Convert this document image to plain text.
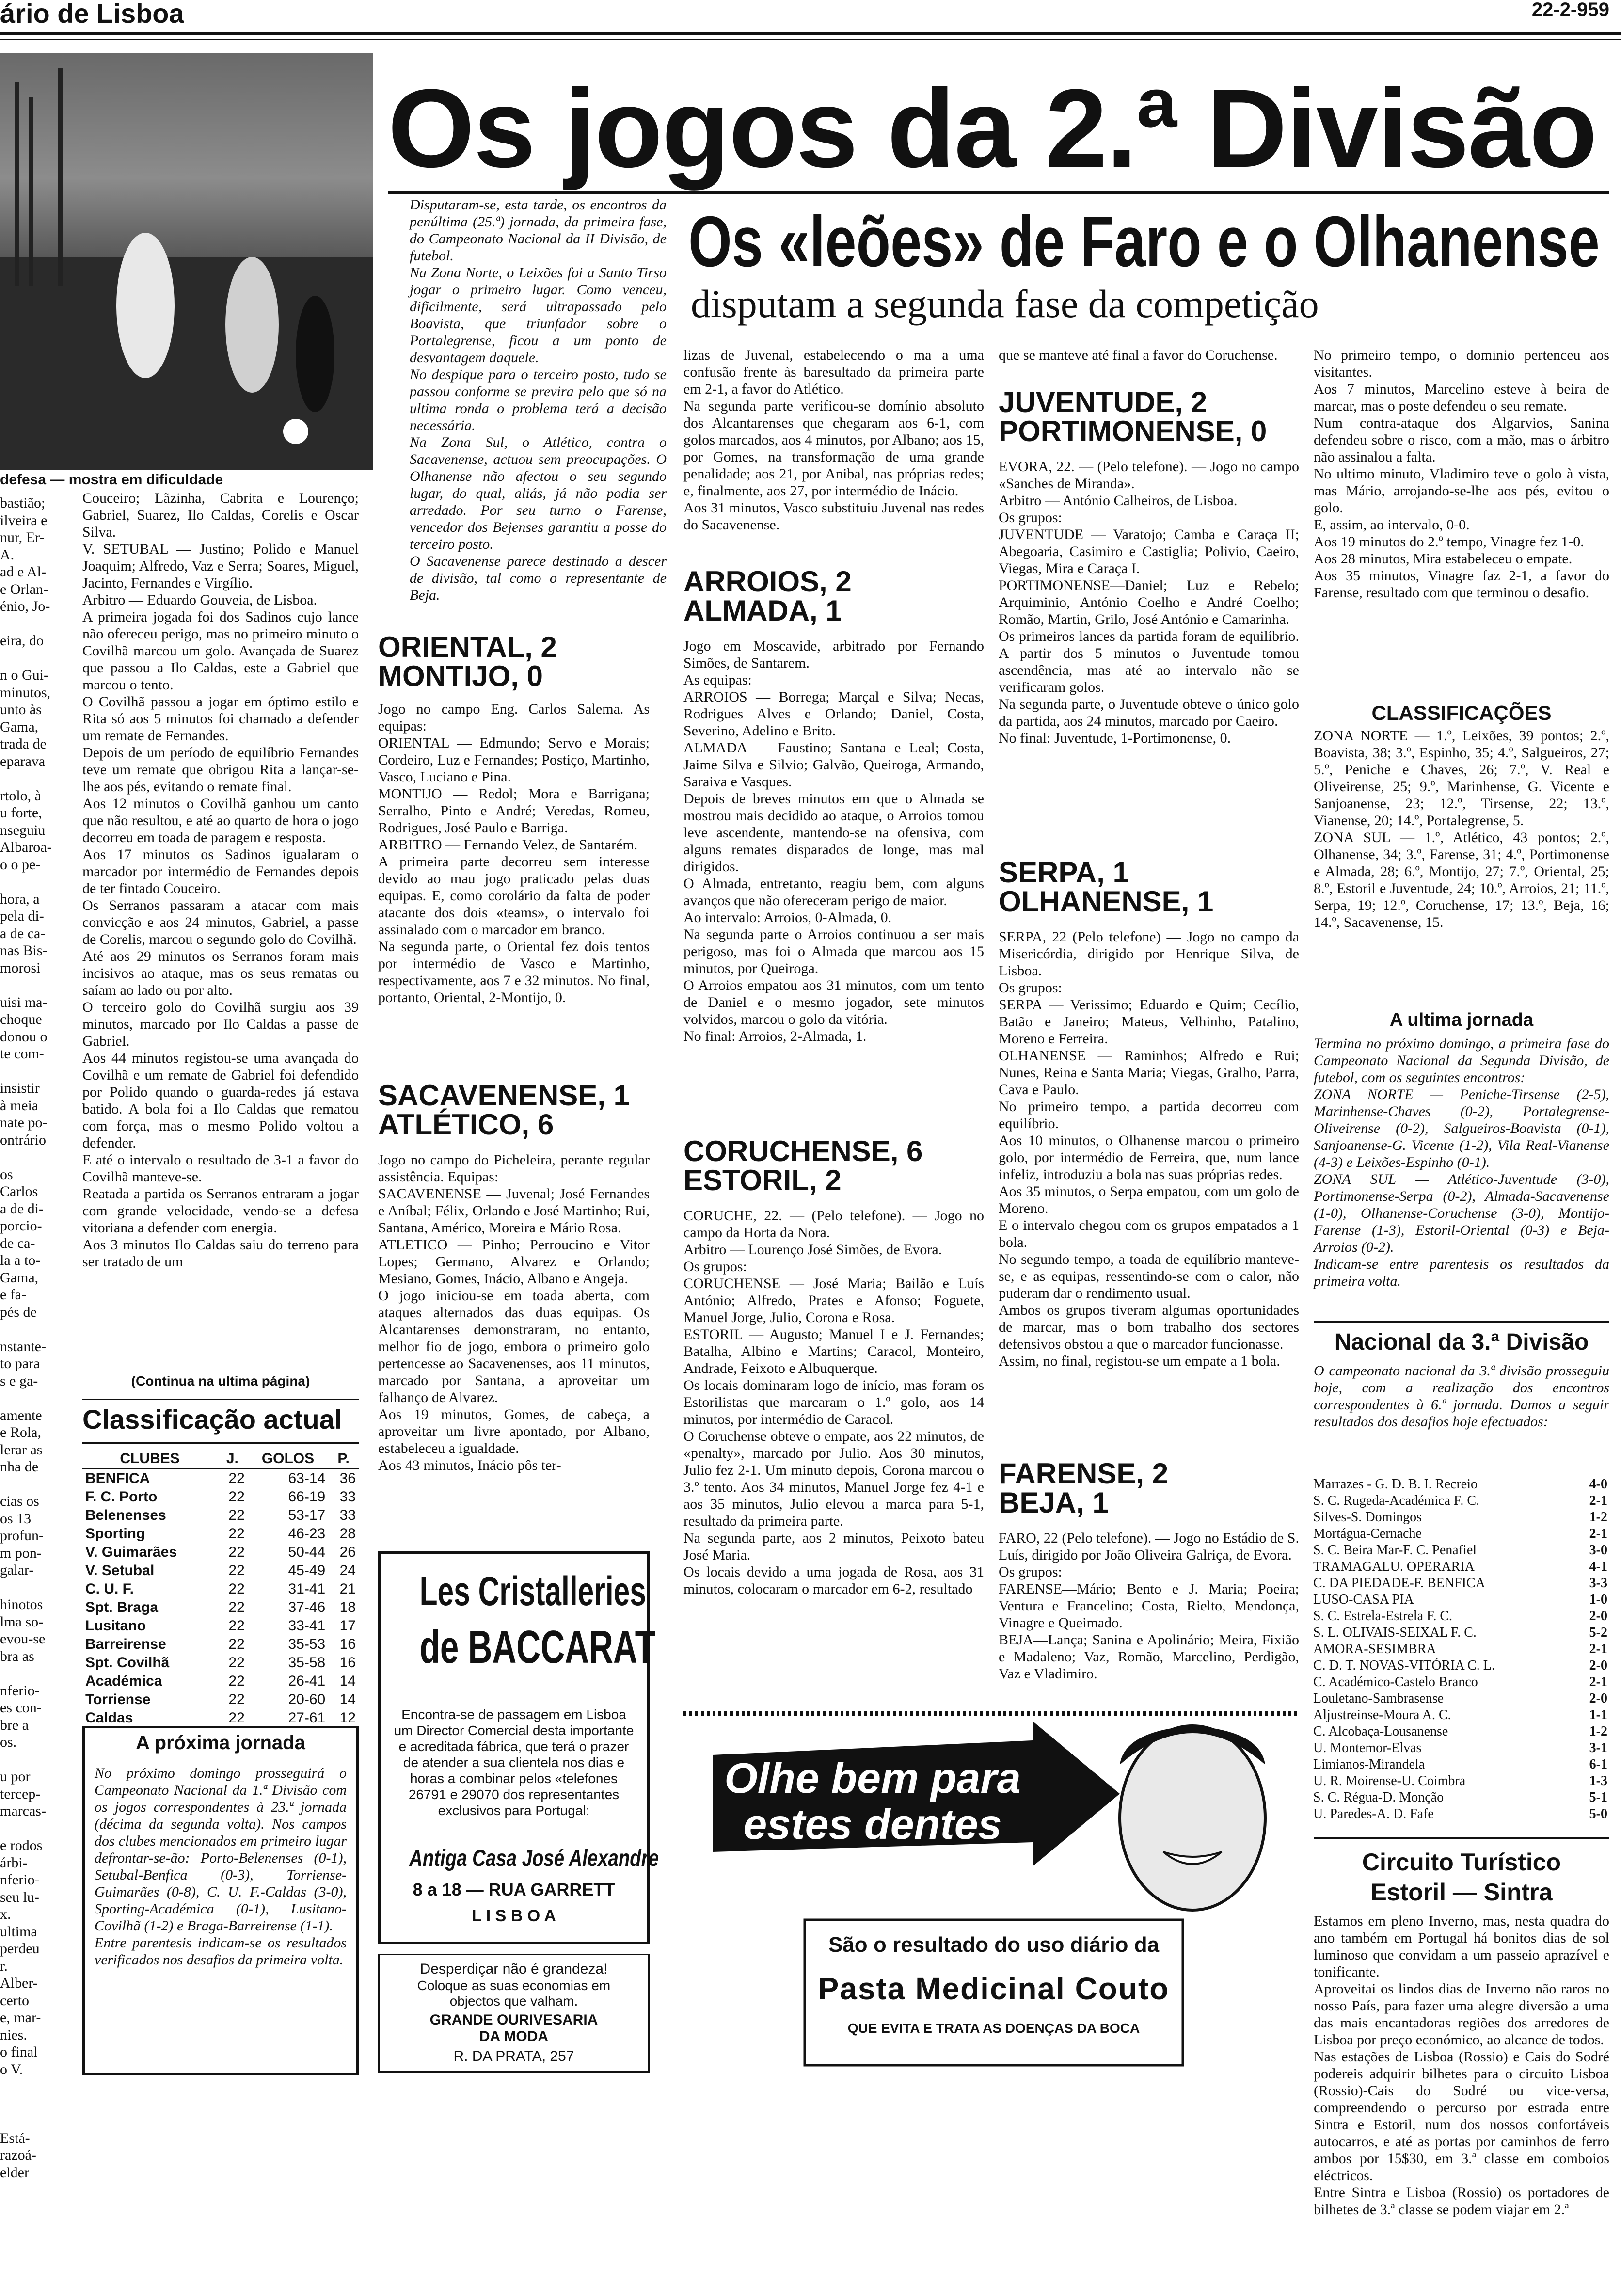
ário de Lisboa	22-2-959
defesa — mostra em dificuldade
bastião;
ilveira e
nur, Er-
A.
ad e Al-
e Orlan-
énio, Jo-

eira, do

n o Gui-
minutos,
unto às
Gama,
trada de
eparava

rtolo, à
u forte,
nseguiu
Albaroa-
o o pe-

hora, a
pela di-
a de ca-
nas Bis-
morosi

uisi ma-
choque
donou o
te com-

insistir
à meia
nate po-
ontrário

os
Carlos
a de di-
porcio-
de ca-
la a to-
Gama,
e fa-
pés de

nstante-
to para
s e ga-

amente
e Rola,
lerar as
nha de

cias os
os 13
profun-
m pon-
galar-

hinotos
lma so-
evou-se
bra as

nferio-
es con-
bre a
os.

u por
tercep-
marcas-

e rodos
árbi-
nferio-
seu lu-
x.
ultima
perdeu
r.
Alber-
certo
e, mar-
nies.
o final
o V.

Está-
razoá-
elder
Os jogos da 2.ª Divisão
Disputaram-se, esta tarde, os encontros da penúltima (25.ª) jornada, da primeira fase, do Campeonato Nacional da II Divisão, de futebol.
Na Zona Norte, o Leixões foi a Santo Tirso jogar o primeiro lugar. Como venceu, dificilmente, será ultrapassado pelo Boavista, que triunfador sobre o Portalegrense, ficou a um ponto de desvantagem daquele.
No despique para o terceiro posto, tudo se passou conforme se previra pelo que só na ultima ronda o problema terá a decisão necessária.
Na Zona Sul, o Atlético, contra o Sacavenense, actuou sem preocupações. O Olhanense não afectou o seu segundo lugar, do qual, aliás, já não podia ser arredado. Por seu turno o Farense, vencedor dos Bejenses garantiu a posse do terceiro posto.
O Sacavenense parece destinado a descer de divisão, tal como o representante de Beja.
Os «leões» de Faro e o Olhanense
disputam a segunda fase da competição
Couceiro; Lãzinha, Cabrita e Lourenço; Gabriel, Suarez, Ilo Caldas, Corelis e Oscar Silva.
V. SETUBAL — Justino; Polido e Manuel Joaquim; Alfredo, Vaz e Serra; Soares, Miguel, Jacinto, Fernandes e Virgílio.
Arbitro — Eduardo Gouveia, de Lisboa.
A primeira jogada foi dos Sadinos cujo lance não ofereceu perigo, mas no primeiro minuto o Covilhã marcou um golo. Avançada de Suarez que passou a Ilo Caldas, este a Gabriel que marcou o tento.
O Covilhã passou a jogar em óptimo estilo e Rita só aos 5 minutos foi chamado a defender um remate de Fernandes.
Depois de um período de equilíbrio Fernandes teve um remate que obrigou Rita a lançar-se-lhe aos pés, evitando o remate final.
Aos 12 minutos o Covilhã ganhou um canto que não resultou, e até ao quarto de hora o jogo decorreu em toada de paragem e resposta.
Aos 17 minutos os Sadinos igualaram o marcador por intermédio de Fernandes depois de ter fintado Couceiro.
Os Serranos passaram a atacar com mais convicção e aos 24 minutos, Gabriel, a passe de Corelis, marcou o segundo golo do Covilhã.
Até aos 29 minutos os Serranos foram mais incisivos ao ataque, mas os seus rematas ou saíam ao lado ou por alto.
O terceiro golo do Covilhã surgiu aos 39 minutos, marcado por Ilo Caldas a passe de Gabriel.
Aos 44 minutos registou-se uma avançada do Covilhã e um remate de Gabriel foi defendido por Polido quando o guarda-redes já estava batido. A bola foi a Ilo Caldas que rematou com força, mas o mesmo Polido voltou a defender.
E até o intervalo o resultado de 3-1 a favor do Covilhã manteve-se.
Reatada a partida os Serranos entraram a jogar com grande velocidade, vendo-se a defesa vitoriana a defender com energia.
Aos 3 minutos Ilo Caldas saiu do terreno para ser tratado de um
(Continua na ultima página)
Classificação actual
CLUBES	J.	GOLOS	P.
BENFICA	22	63-14	36
F. C. Porto	22	66-19	33
Belenenses	22	53-17	33
Sporting	22	46-23	28
V. Guimarães	22	50-44	26
V. Setubal	22	45-49	24
C. U. F.	22	31-41	21
Spt. Braga	22	37-46	18
Lusitano	22	33-41	17
Barreirense	22	35-53	16
Spt. Covilhã	22	35-58	16
Académica	22	26-41	14
Torriense	22	20-60	14
Caldas	22	27-61	12
A próxima jornada
No próximo domingo prosseguirá o Campeonato Nacional da 1.ª Divisão com os jogos correspondentes à 23.ª jornada (décima da segunda volta). Nos campos dos clubes mencionados em primeiro lugar defrontar-se-ão: Porto-Belenenses (0-1), Setubal-Benfica (0-3), Torriense-Guimarães (0-8), C. U. F.-Caldas (3-0), Sporting-Académica (0-1), Lusitano-Covilhã (1-2) e Braga-Barreirense (1-1).
Entre parentesis indicam-se os resultados verificados nos desafios da primeira volta.
ORIENTAL, 2
MONTIJO, 0
Jogo no campo Eng. Carlos Salema. As equipas:
ORIENTAL — Edmundo; Servo e Morais; Cordeiro, Luz e Fernandes; Postiço, Martinho, Vasco, Luciano e Pina.
MONTIJO — Redol; Mora e Barrigana; Serralho, Pinto e André; Veredas, Romeu, Rodrigues, José Paulo e Barriga.
ARBITRO — Fernando Velez, de Santarém.
A primeira parte decorreu sem interesse devido ao mau jogo praticado pelas duas equipas. E, como corolário da falta de poder atacante dos dois «teams», o intervalo foi assinalado com o marcador em branco.
Na segunda parte, o Oriental fez dois tentos por intermédio de Vasco e Martinho, respectivamente, aos 7 e 32 minutos. No final, portanto, Oriental, 2-Montijo, 0.
SACAVENENSE, 1
ATLÉTICO, 6
Jogo no campo do Picheleira, perante regular assistência. Equipas:
SACAVENENSE — Juvenal; José Fernandes e Aníbal; Félix, Orlando e José Martinho; Rui, Santana, Américo, Moreira e Mário Rosa.
ATLETICO — Pinho; Perroucino e Vitor Lopes; Germano, Alvarez e Orlando; Mesiano, Gomes, Inácio, Albano e Angeja.
O jogo iniciou-se em toada aberta, com ataques alternados das duas equipas. Os Alcantarenses demonstraram, no entanto, melhor fio de jogo, embora o primeiro golo pertencesse ao Sacavenenses, aos 11 minutos, marcado por Santana, a aproveitar um falhanço de Alvarez.
Aos 19 minutos, Gomes, de cabeça, a aproveitar um livre apontado, por Albano, estabeleceu a igualdade.
Aos 43 minutos, Inácio pôs ter-
lizas de Juvenal, estabelecendo o ma a uma confusão frente às baresultado da primeira parte em 2-1, a favor do Atlético.
Na segunda parte verificou-se domínio absoluto dos Alcantarenses que chegaram aos 6-1, com golos marcados, aos 4 minutos, por Albano; aos 15, por Gomes, na transformação de uma grande penalidade; aos 21, por Anibal, nas próprias redes; e, finalmente, aos 27, por intermédio de Inácio.
Aos 31 minutos, Vasco substituiu Juvenal nas redes do Sacavenense.
ARROIOS, 2
ALMADA, 1
Jogo em Moscavide, arbitrado por Fernando Simões, de Santarem.
As equipas:
ARROIOS — Borrega; Marçal e Silva; Necas, Rodrigues Alves e Orlando; Daniel, Costa, Severino, Adelino e Brito.
ALMADA — Faustino; Santana e Leal; Costa, Jaime Silva e Silvio; Galvão, Queiroga, Armando, Saraiva e Vasques.
Depois de breves minutos em que o Almada se mostrou mais decidido ao ataque, o Arroios tomou leve ascendente, mantendo-se na ofensiva, com alguns remates disparados de longe, mas mal dirigidos.
O Almada, entretanto, reagiu bem, com alguns avanços que não ofereceram perigo de maior.
Ao intervalo: Arroios, 0-Almada, 0.
Na segunda parte o Arroios continuou a ser mais perigoso, mas foi o Almada que marcou aos 15 minutos, por Queiroga.
O Arroios empatou aos 31 minutos, com um tento de Daniel e o mesmo jogador, sete minutos volvidos, marcou o golo da vitória.
No final: Arroios, 2-Almada, 1.
CORUCHENSE, 6
ESTORIL, 2
CORUCHE, 22. — (Pelo telefone). — Jogo no campo da Horta da Nora.
Arbitro — Lourenço José Simões, de Evora.
Os grupos:
CORUCHENSE — José Maria; Bailão e Luís António; Alfredo, Prates e Afonso; Foguete, Manuel Jorge, Julio, Corona e Rosa.
ESTORIL — Augusto; Manuel I e J. Fernandes; Batalha, Albino e Martins; Caracol, Monteiro, Andrade, Feixoto e Albuquerque.
Os locais dominaram logo de início, mas foram os Estorilistas que marcaram o 1.º golo, aos 14 minutos, por intermédio de Caracol.
O Coruchense obteve o empate, aos 22 minutos, de «penalty», marcado por Julio. Aos 30 minutos, Julio fez 2-1. Um minuto depois, Corona marcou o 3.º tento. Aos 34 minutos, Manuel Jorge fez 4-1 e aos 35 minutos, Julio elevou a marca para 5-1, resultado da primeira parte.
Na segunda parte, aos 2 minutos, Peixoto bateu José Maria.
Os locais devido a uma jogada de Rosa, aos 31 minutos, colocaram o marcador em 6-2, resultado
que se manteve até final a favor do Coruchense.
JUVENTUDE, 2
PORTIMONENSE, 0
EVORA, 22. — (Pelo telefone). — Jogo no campo «Sanches de Miranda».
Arbitro — António Calheiros, de Lisboa.
Os grupos:
JUVENTUDE — Varatojo; Camba e Caraça II; Abegoaria, Casimiro e Castiglia; Polivio, Caeiro, Viegas, Mira e Caraça I.
PORTIMONENSE—Daniel; Luz e Rebelo; Arquiminio, António Coelho e André Coelho; Romão, Martin, Grilo, José António e Camarinha.
Os primeiros lances da partida foram de equilíbrio. A partir dos 5 minutos o Juventude tomou ascendência, mas até ao intervalo não se verificaram golos.
Na segunda parte, o Juventude obteve o único golo da partida, aos 24 minutos, marcado por Caeiro.
No final: Juventude, 1-Portimonense, 0.
SERPA, 1
OLHANENSE, 1
SERPA, 22 (Pelo telefone) — Jogo no campo da Misericórdia, dirigido por Henrique Silva, de Lisboa.
Os grupos:
SERPA — Verissimo; Eduardo e Quim; Cecílio, Batão e Janeiro; Mateus, Velhinho, Patalino, Moreno e Ferreira.
OLHANENSE — Raminhos; Alfredo e Rui; Nunes, Reina e Santa Maria; Viegas, Gralho, Parra, Cava e Paulo.
No primeiro tempo, a partida decorreu com equilíbrio.
Aos 10 minutos, o Olhanense marcou o primeiro golo, por intermédio de Ferreira, que, num lance infeliz, introduziu a bola nas suas próprias redes.
Aos 35 minutos, o Serpa empatou, com um golo de Moreno.
E o intervalo chegou com os grupos empatados a 1 bola.
No segundo tempo, a toada de equilíbrio manteve-se, e as equipas, ressentindo-se com o calor, não puderam dar o rendimento usual.
Ambos os grupos tiveram algumas oportunidades de marcar, mas o bom trabalho dos sectores defensivos obstou a que o marcador funcionasse.
Assim, no final, registou-se um empate a 1 bola.
FARENSE, 2
BEJA, 1
FARO, 22 (Pelo telefone). — Jogo no Estádio de S. Luís, dirigido por João Oliveira Galriça, de Evora.
Os grupos:
FARENSE—Mário; Bento e J. Maria; Poeira; Ventura e Francelino; Costa, Rielto, Mendonça, Vinagre e Queimado.
BEJA—Lança; Sanina e Apolinário; Meira, Fixião e Madaleno; Vaz, Romão, Marcelino, Perdigão, Vaz e Vladimiro.
No primeiro tempo, o dominio pertenceu aos visitantes.
Aos 7 minutos, Marcelino esteve à beira de marcar, mas o poste defendeu o seu remate.
Num contra-ataque dos Algarvios, Sanina defendeu sobre o risco, com a mão, mas o árbitro não assinalou a falta.
No ultimo minuto, Vladimiro teve o golo à vista, mas Mário, arrojando-se-lhe aos pés, evitou o golo.
E, assim, ao intervalo, 0-0.
Aos 19 minutos do 2.º tempo, Vinagre fez 1-0.
Aos 28 minutos, Mira estabeleceu o empate.
Aos 35 minutos, Vinagre faz 2-1, a favor do Farense, resultado com que terminou o desafio.
CLASSIFICAÇÕES
ZONA NORTE — 1.º, Leixões, 39 pontos; 2.º, Boavista, 38; 3.º, Espinho, 35; 4.º, Salgueiros, 27; 5.º, Peniche e Chaves, 26; 7.º, V. Real e Oliveirense, 25; 9.º, Marinhense, G. Vicente e Sanjoanense, 23; 12.º, Tirsense, 22; 13.º, Vianense, 20; 14.º, Portalegrense, 5.
ZONA SUL — 1.º, Atlético, 43 pontos; 2.º, Olhanense, 34; 3.º, Farense, 31; 4.º, Portimonense e Almada, 28; 6.º, Montijo, 27; 7.º, Oriental, 25; 8.º, Estoril e Juventude, 24; 10.º, Arroios, 21; 11.º, Serpa, 19; 12.º, Coruchense, 17; 13.º, Beja, 16; 14.º, Sacavenense, 15.
A ultima jornada
Termina no próximo domingo, a primeira fase do Campeonato Nacional da Segunda Divisão, de futebol, com os seguintes encontros:
ZONA NORTE — Peniche-Tirsense (2-5), Marinhense-Chaves (0-2), Portalegrense-Oliveirense (0-2), Salgueiros-Boavista (0-1), Sanjoanense-G. Vicente (1-2), Vila Real-Vianense (4-3) e Leixões-Espinho (0-1).
ZONA SUL — Atlético-Juventude (3-0), Portimonense-Serpa (0-2), Almada-Sacavenense (1-0), Olhanense-Coruchense (3-0), Montijo-Farense (1-3), Estoril-Oriental (0-3) e Beja-Arroios (0-2).
Indicam-se entre parentesis os resultados da primeira volta.
Nacional da 3.ª Divisão
O campeonato nacional da 3.ª divisão prosseguiu hoje, com a realização dos encontros correspondentes à 6.ª jornada. Damos a seguir resultados dos desafios hoje efectuados:
Marrazes - G. D. B. I. Recreio	4-0
S. C. Rugeda-Académica F. C.	2-1
Silves-S. Domingos	1-2
Mortágua-Cernache	2-1
S. C. Beira Mar-F. C. Penafiel	3-0
TRAMAGALU. OPERARIA	4-1
C. DA PIEDADE-F. BENFICA	3-3
LUSO-CASA PIA	1-0
S. C. Estrela-Estrela F. C.	2-0
S. L. OLIVAIS-SEIXAL F. C.	5-2
AMORA-SESIMBRA	2-1
C. D. T. NOVAS-VITÓRIA C. L.	2-0
C. Académico-Castelo Branco	2-1
Louletano-Sambrasense	2-0
Aljustreinse-Moura A. C.	1-1
C. Alcobaça-Lousanense	1-2
U. Montemor-Elvas	3-1
Limianos-Mirandela	6-1
U. R. Moirense-U. Coimbra	1-3
S. C. Régua-D. Monção	5-1
U. Paredes-A. D. Fafe	5-0
Circuito Turístico
Estoril — Sintra
Estamos em pleno Inverno, mas, nesta quadra do ano também em Portugal há bonitos dias de sol luminoso que convidam a um passeio aprazível e tonificante.
Aproveitai os lindos dias de Inverno não raros no nosso País, para fazer uma alegre diversão a uma das mais encantadoras regiões dos arredores de Lisboa por preço económico, ao alcance de todos.
Nas estações de Lisboa (Rossio) e Cais do Sodré podereis adquirir bilhetes para o circuito Lisboa (Rossio)-Cais do Sodré ou vice-versa, compreendendo o percurso por estrada entre Sintra e Estoril, num dos nossos confortáveis autocarros, e até as portas por caminhos de ferro ambos por 15$30, em 3.ª classe em comboios eléctricos.
Entre Sintra e Lisboa (Rossio) os portadores de bilhetes de 3.ª classe se podem viajar em 2.ª
Les Cristalleries
de BACCARAT
Encontra-se de passagem em Lisboa um Director Comercial desta importante e acreditada fábrica, que terá o prazer de atender a sua clientela nos dias e horas a combinar pelos «telefones 26791 e 29070 dos representantes exclusivos para Portugal:
Antiga Casa José Alexandre
8 a 18 — RUA GARRETT
L I S B O A
Desperdiçar não é grandeza!
Coloque as suas economias em objectos que valham.
GRANDE OURIVESARIA
DA MODA
R. DA PRATA, 257
Olhe bem para
estes dentes
São o resultado do uso diário da
Pasta Medicinal Couto
QUE EVITA E TRATA AS DOENÇAS DA BOCA
